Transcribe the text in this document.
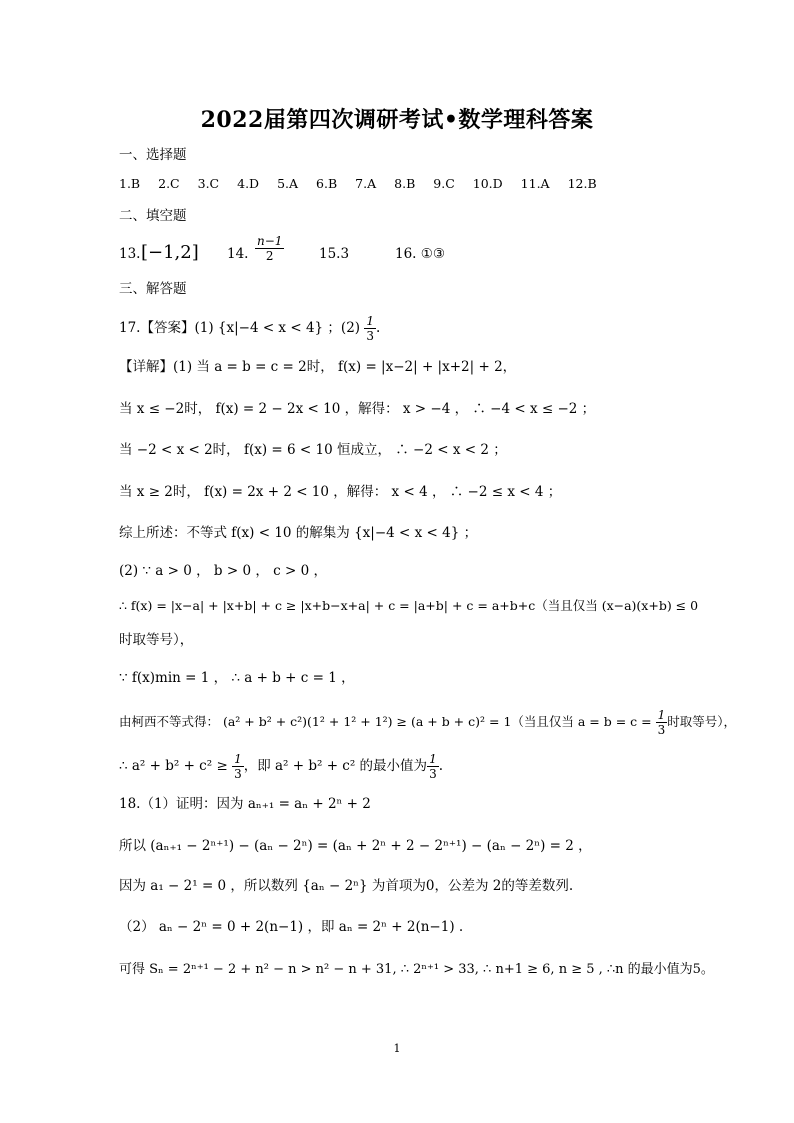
2022届第四次调研考试•数学理科答案
一、选择题
1.B 2.C 3.C 4.D 5.A 6.B 7.A 8.B 9.C 10.D 11.A 12.B
二、填空题
13. [−1,2] 14. $\frac{n-1}{2}$	15.3	16. ①③
三、解答题
17.【答案】(1) {x|−4 < x < 4} ；$(2) \frac{1}{3}$ .
【详解】(1) 当 a = b = c = 2时， f(x) = |x−2| + |x+2| + 2，
当 x ≤ −2时， f(x) = 2 − 2x < 10 ，解得： x > −4 ， ∴ −4 < x ≤ −2 ；
当 −2 < x < 2时， f(x) = 6 < 10 恒成立， ∴ −2 < x < 2 ；
当 x ≥ 2时， f(x) = 2x + 2 < 10 ，解得： x < 4 ， ∴ −2 ≤ x < 4 ；
综上所述：不等式 f(x) < 10 的解集为 {x|−4 < x < 4} ；
(2) ∵ a > 0 ， b > 0 ， c > 0 ，
∴ f(x) = |x−a| + |x+b| + c ≥ |x+b−x+a| + c = |a+b| + c = a+b+c（当且仅当 (x−a)(x+b) ≤ 0
时取等号），
∵ f(x)min = 1 ， ∴ a + b + c = 1 ，
由柯西不等式得： (a² + b² + c²)(1² + 1² + 1²) ≥ (a + b + c)² = 1（当且仅当 $a = b = c = \frac{1}{3}$ 时取等号），
∴ $a^2 + b^2 + c^2 \ge \frac{1}{3}$ ，即 a² + b² + c² 的最小值为 $\frac{1}{3}$ .
18.（1）证明：因为 aₙ₊₁ = aₙ + 2ⁿ + 2
所以 (aₙ₊₁ − 2ⁿ⁺¹) − (aₙ − 2ⁿ) = (aₙ + 2ⁿ + 2 − 2ⁿ⁺¹) − (aₙ − 2ⁿ) = 2 ，
因为 a₁ − 2¹ = 0 ，所以数列 {aₙ − 2ⁿ} 为首项为0，公差为 2的等差数列.
（2） aₙ − 2ⁿ = 0 + 2(n−1) ，即 aₙ = 2ⁿ + 2(n−1) .
可得 Sₙ = 2ⁿ⁺¹ − 2 + n² − n > n² − n + 31, ∴ 2ⁿ⁺¹ > 33, ∴ n+1 ≥ 6, n ≥ 5 , ∴n 的最小值为5。
1
